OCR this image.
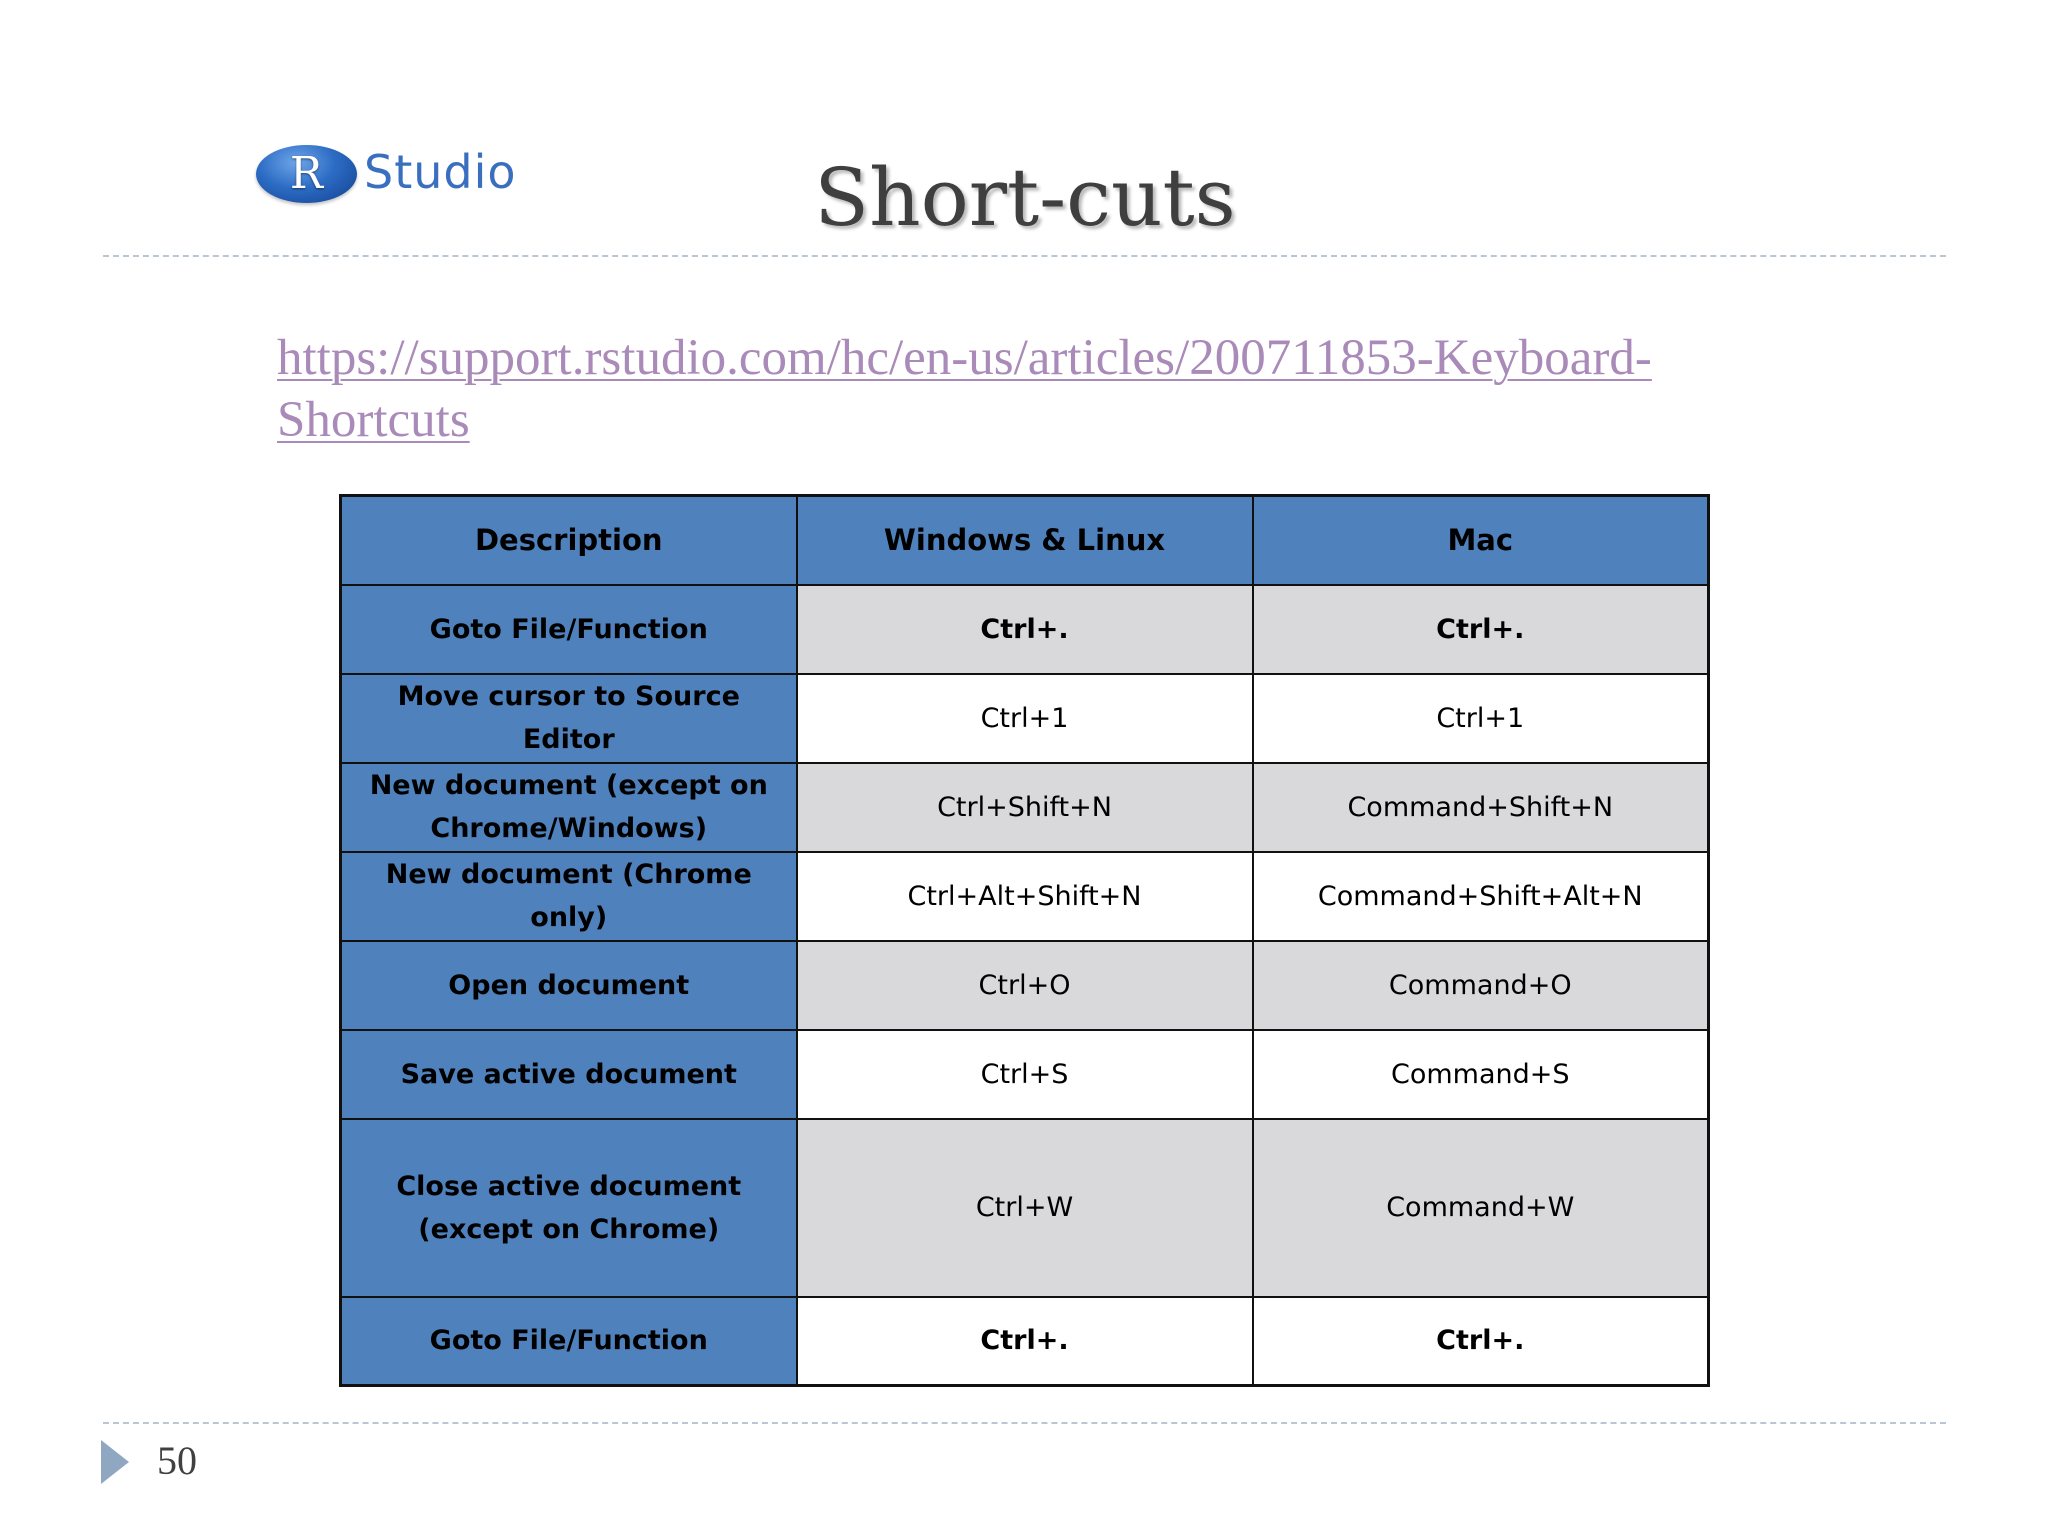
R Studio	Short-cuts
https://support.rstudio.com/hc/en-us/articles/200711853-Keyboard-
Shortcuts
Description	Windows & Linux	Mac
Goto File/Function	Ctrl+.	Ctrl+.
Move cursor to Source Editor	Ctrl+1	Ctrl+1
New document (except on Chrome/Windows)	Ctrl+Shift+N	Command+Shift+N
New document (Chrome only)	Ctrl+Alt+Shift+N	Command+Shift+Alt+N
Open document	Ctrl+O	Command+O
Save active document	Ctrl+S	Command+S
Close active document (except on Chrome)	Ctrl+W	Command+W
Goto File/Function	Ctrl+.	Ctrl+.
50
